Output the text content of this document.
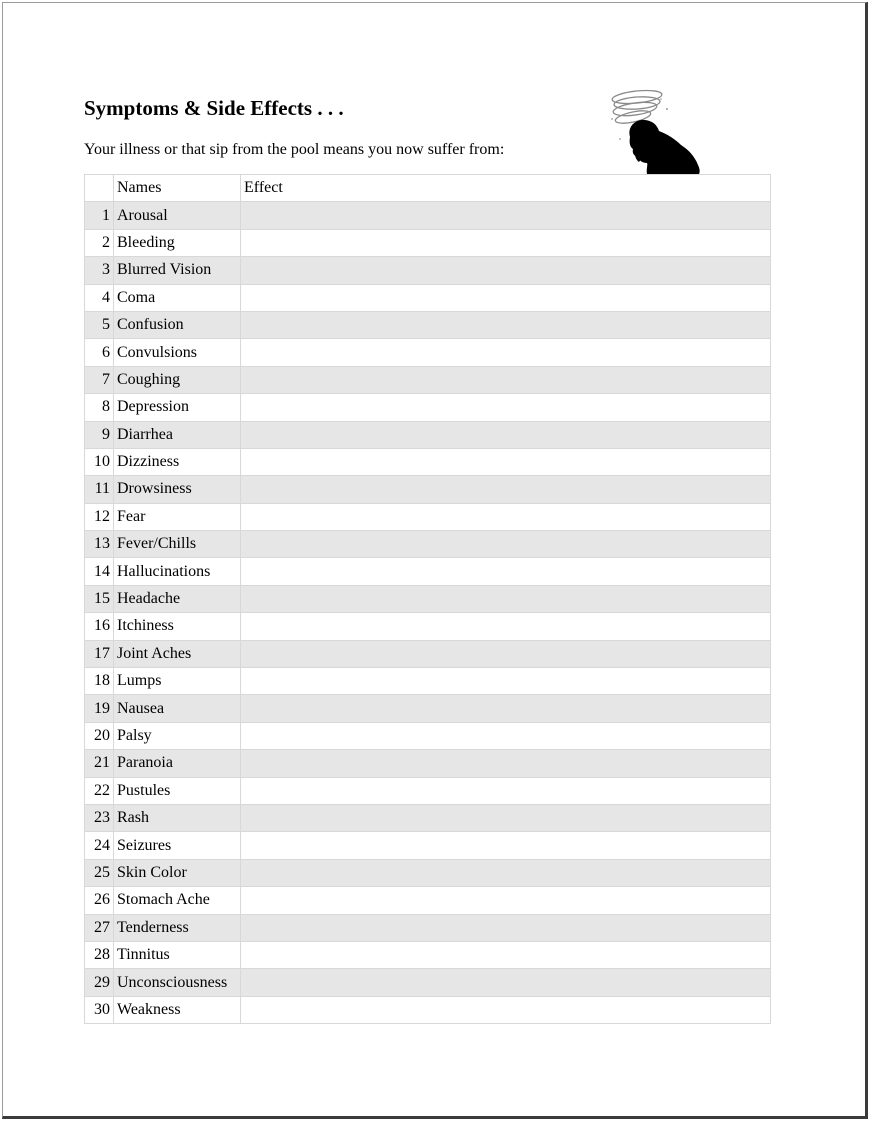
Symptoms & Side Effects . . .
Your illness or that sip from the pool means you now suffer from:
	Names	Effect
1	Arousal	
2	Bleeding	
3	Blurred Vision	
4	Coma	
5	Confusion	
6	Convulsions	
7	Coughing	
8	Depression	
9	Diarrhea	
10	Dizziness	
11	Drowsiness	
12	Fear	
13	Fever/Chills	
14	Hallucinations	
15	Headache	
16	Itchiness	
17	Joint Aches	
18	Lumps	
19	Nausea	
20	Palsy	
21	Paranoia	
22	Pustules	
23	Rash	
24	Seizures	
25	Skin Color	
26	Stomach Ache	
27	Tenderness	
28	Tinnitus	
29	Unconsciousness	
30	Weakness	
